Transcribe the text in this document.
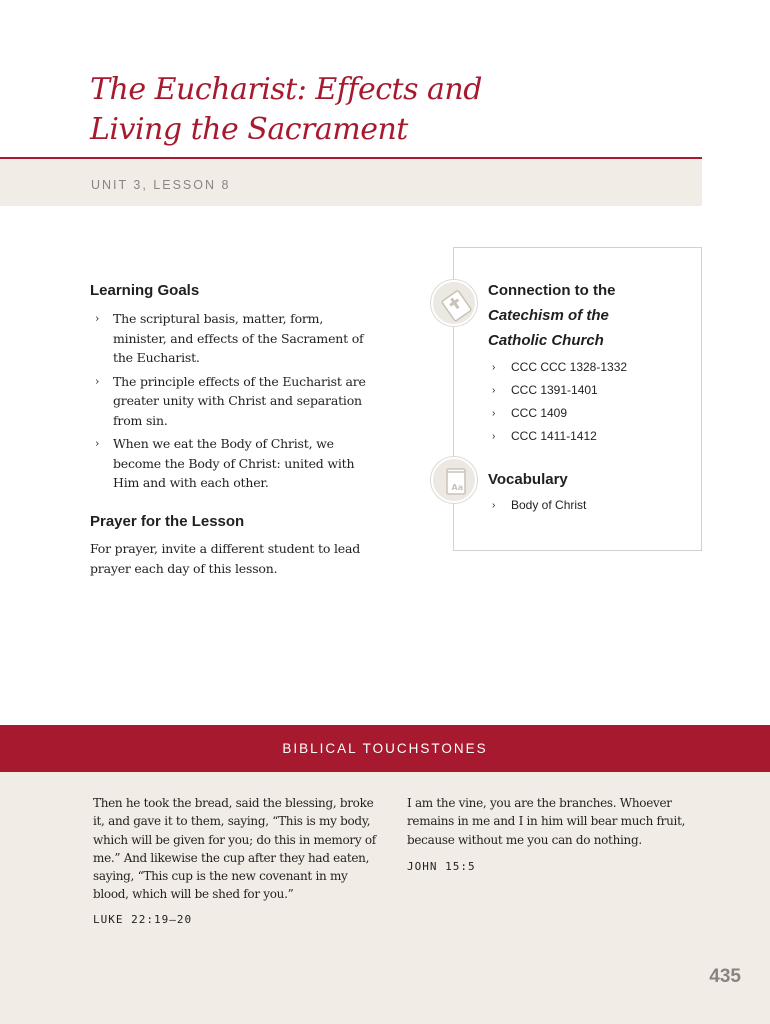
The Eucharist: Effects and
Living the Sacrament
UNIT 3, LESSON 8
Learning Goals
› The scriptural basis, matter, form, minister, and effects of the Sacrament of the Eucharist.
› The principle effects of the Eucharist are greater unity with Christ and separation from sin.
› When we eat the Body of Christ, we become the Body of Christ: united with Him and with each other.
Prayer for the Lesson

For prayer, invite a different student to lead prayer each day of this lesson.

Connection to the
Catechism of the
Catholic Church
› CCC CCC 1328-1332
› CCC 1391-1401
› CCC 1409
› CCC 1411-1412
Aa Vocabulary
› Body of Christ
BIBLICAL TOUCHSTONES

Then he took the bread, said the blessing, broke it, and gave it to them, saying, “This is my body, which will be given for you; do this in memory of me.” And likewise the cup after they had eaten, saying, “This cup is the new covenant in my blood, which will be shed for you.”

LUKE 22:19–20

I am the vine, you are the branches. Whoever remains in me and I in him will bear much fruit, because without me you can do nothing.

JOHN 15:5
435
